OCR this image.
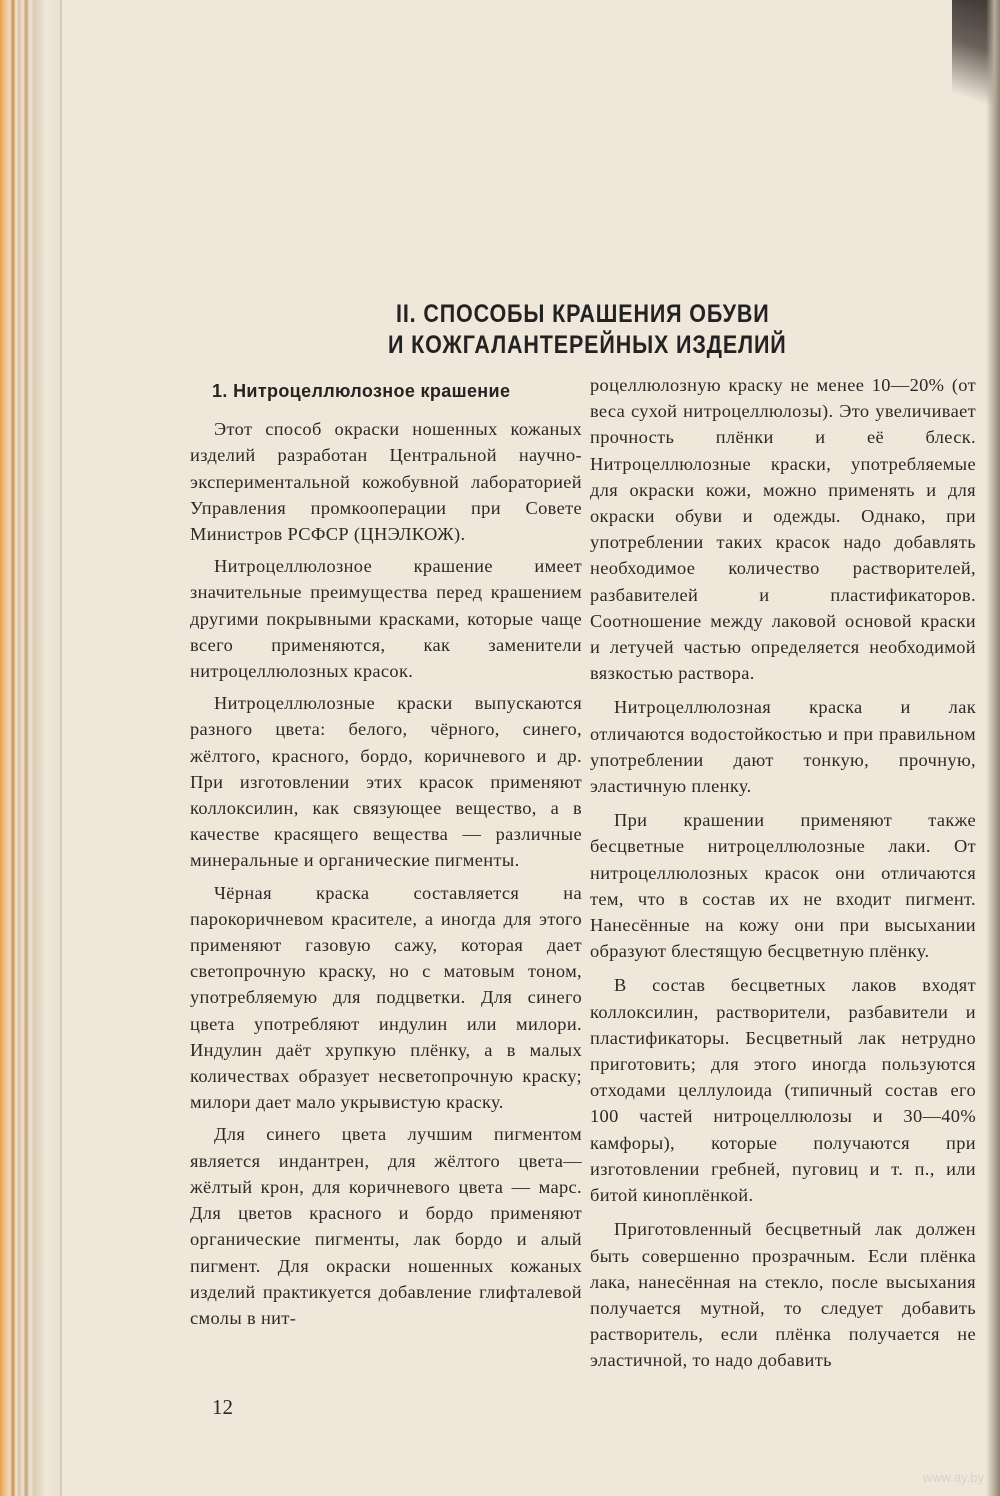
II. СПОСОБЫ КРАШЕНИЯ ОБУВИ
И КОЖГАЛАНТЕРЕЙНЫХ ИЗДЕЛИЙ
1. Нитроцеллюлозное крашение

Этот способ окраски ношенных кожаных изделий разработан Центральной научно-экспериментальной кожобувной лабораторией Управления промкооперации при Совете Министров РСФСР (ЦНЭЛКОЖ).

Нитроцеллюлозное крашение имеет значительные преимущества перед крашением другими покрывными красками, которые чаще всего применяются, как заменители нитроцеллюлозных красок.

Нитроцеллюлозные краски выпускаются разного цвета: белого, чёрного, синего, жёлтого, красного, бордо, коричневого и др. При изготовлении этих красок применяют коллоксилин, как связующее вещество, а в качестве красящего вещества — различные минеральные и органические пигменты.

Чёрная краска составляется на парокоричневом красителе, а иногда для этого применяют газовую сажу, которая дает светопрочную краску, но с матовым тоном, употребляемую для подцветки. Для синего цвета употребляют индулин или милори. Индулин даёт хрупкую плёнку, а в малых количествах образует несветопрочную краску; милори дает мало укрывистую краску.

Для синего цвета лучшим пигментом является индантрен, для жёлтого цвета—жёлтый крон, для коричневого цвета — марс. Для цветов красного и бордо применяют органические пигменты, лак бордо и алый пигмент. Для окраски ношенных кожаных изделий практикуется добавление глифталевой смолы в нит-

роцеллюлозную краску не менее 10—20% (от веса сухой нитроцеллюлозы). Это увеличивает прочность плёнки и её блеск. Нитроцеллюлозные краски, употребляемые для окраски кожи, можно применять и для окраски обуви и одежды. Однако, при употреблении таких красок надо добавлять необходимое количество растворителей, разбавителей и пластификаторов. Соотношение между лаковой основой краски и летучей частью определяется необходимой вязкостью раствора.

Нитроцеллюлозная краска и лак отличаются водостойкостью и при правильном употреблении дают тонкую, прочную, эластичную пленку.

При крашении применяют также бесцветные нитроцеллюлозные лаки. От нитроцеллюлозных красок они отличаются тем, что в состав их не входит пигмент. Нанесённые на кожу они при высыхании образуют блестящую бесцветную плёнку.

В состав бесцветных лаков входят коллоксилин, растворители, разбавители и пластификаторы. Бесцветный лак нетрудно приготовить; для этого иногда пользуются отходами целлулоида (типичный состав его 100 частей нитроцеллюлозы и 30—40% камфоры), которые получаются при изготовлении гребней, пуговиц и т. п., или битой кинoплёнкой.

Приготовленный бесцветный лак должен быть совершенно прозрачным. Если плёнка лака, нанесённая на стекло, после высыхания получается мутной, то следует добавить растворитель, если плёнка получается не эластичной, то надо добавить

12
www.ay.by
